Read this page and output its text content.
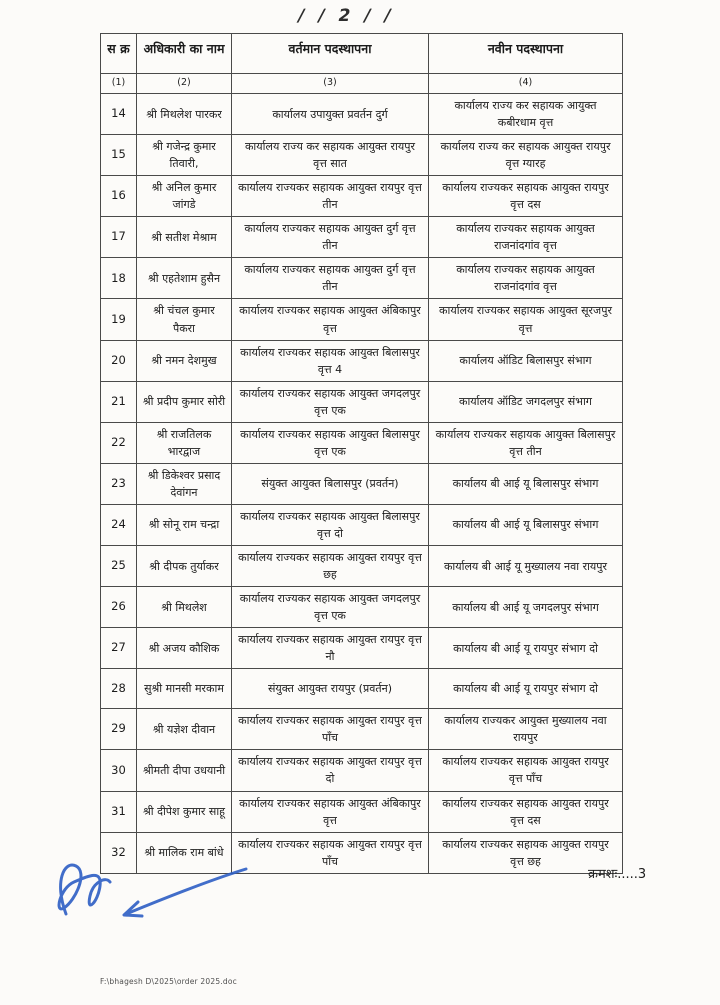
/ / 2 / /
स क्र	अधिकारी का नाम	वर्तमान पदस्थापना	नवीन पदस्थापना
(1)	(2)	(3)	(4)
14	श्री मिथलेश पारकर	कार्यालय उपायुक्त प्रवर्तन दुर्ग	कार्यालय राज्य कर सहायक आयुक्त कबीरधाम वृत्त
15	श्री गजेन्द्र कुमार तिवारी,	कार्यालय राज्य कर सहायक आयुक्त रायपुर वृत्त सात	कार्यालय राज्य कर सहायक आयुक्त रायपुर वृत्त ग्यारह
16	श्री अनिल कुमार जांगडे	कार्यालय राज्यकर सहायक आयुक्त रायपुर वृत्त तीन	कार्यालय राज्यकर सहायक आयुक्त रायपुर वृत्त दस
17	श्री सतीश मेश्राम	कार्यालय राज्यकर सहायक आयुक्त दुर्ग वृत्त तीन	कार्यालय राज्यकर सहायक आयुक्त राजनांदगांव वृत्त
18	श्री एहतेशाम हुसैन	कार्यालय राज्यकर सहायक आयुक्त दुर्ग वृत्त तीन	कार्यालय राज्यकर सहायक आयुक्त राजनांदगांव वृत्त
19	श्री चंचल कुमार पैकरा	कार्यालय राज्यकर सहायक आयुक्त अंबिकापुर वृत्त	कार्यालय राज्यकर सहायक आयुक्त सूरजपुर वृत्त
20	श्री नमन देशमुख	कार्यालय राज्यकर सहायक आयुक्त बिलासपुर वृत्त 4	कार्यालय ऑडिट बिलासपुर संभाग
21	श्री प्रदीप कुमार सोरी	कार्यालय राज्यकर सहायक आयुक्त जगदलपुर वृत्त एक	कार्यालय ऑडिट जगदलपुर संभाग
22	श्री राजतिलक भारद्वाज	कार्यालय राज्यकर सहायक आयुक्त बिलासपुर वृत्त एक	कार्यालय राज्यकर सहायक आयुक्त बिलासपुर वृत्त तीन
23	श्री डिकेश्वर प्रसाद देवांगन	संयुक्त आयुक्त बिलासपुर (प्रवर्तन)	कार्यालय बी आई यू बिलासपुर संभाग
24	श्री सोनू राम चन्द्रा	कार्यालय राज्यकर सहायक आयुक्त बिलासपुर वृत्त दो	कार्यालय बी आई यू बिलासपुर संभाग
25	श्री दीपक तुर्याकर	कार्यालय राज्यकर सहायक आयुक्त रायपुर वृत्त छह	कार्यालय बी आई यू मुख्यालय नवा रायपुर
26	श्री मिथलेश	कार्यालय राज्यकर सहायक आयुक्त जगदलपुर वृत्त एक	कार्यालय बी आई यू जगदलपुर संभाग
27	श्री अजय कौशिक	कार्यालय राज्यकर सहायक आयुक्त रायपुर वृत्त नौ	कार्यालय बी आई यू रायपुर संभाग दो
28	सुश्री मानसी मरकाम	संयुक्त आयुक्त रायपुर (प्रवर्तन)	कार्यालय बी आई यू रायपुर संभाग दो
29	श्री यज्ञेश दीवान	कार्यालय राज्यकर सहायक आयुक्त रायपुर वृत्त पाँच	कार्यालय राज्यकर आयुक्त मुख्यालय नवा रायपुर
30	श्रीमती दीपा उधयानी	कार्यालय राज्यकर सहायक आयुक्त रायपुर वृत्त दो	कार्यालय राज्यकर सहायक आयुक्त रायपुर वृत्त पाँच
31	श्री दीपेश कुमार साहू	कार्यालय राज्यकर सहायक आयुक्त अंबिकापुर वृत्त	कार्यालय राज्यकर सहायक आयुक्त रायपुर वृत्त दस
32	श्री मालिक राम बांधे	कार्यालय राज्यकर सहायक आयुक्त रायपुर वृत्त पाँच	कार्यालय राज्यकर सहायक आयुक्त रायपुर वृत्त छह
क्रमशः.....3
F:\bhagesh D\2025\order 2025.doc
